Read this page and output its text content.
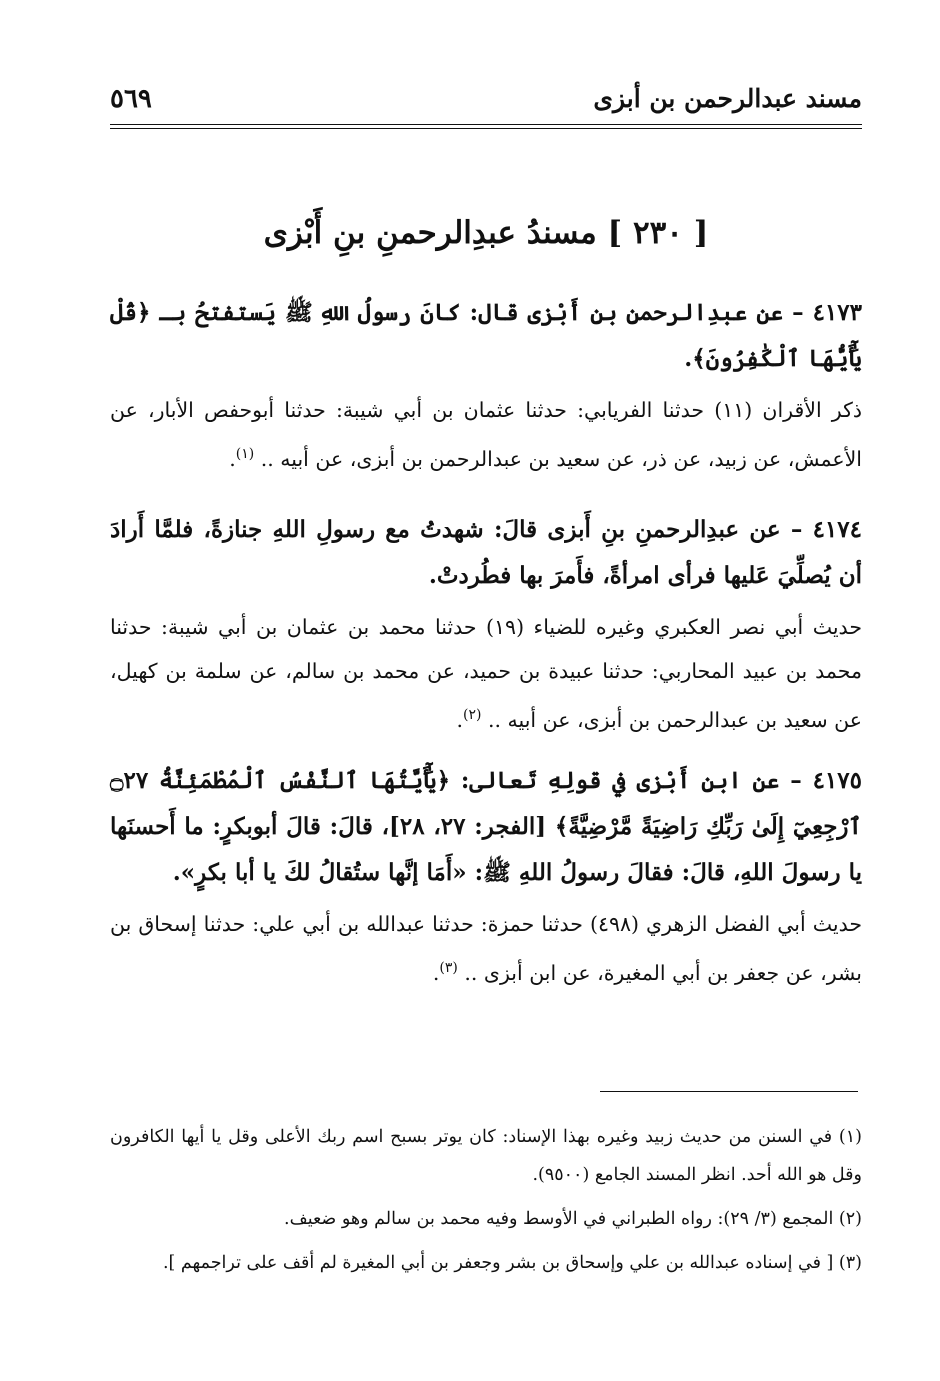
مسند عبدالرحمن بن أبزى
٥٦٩
[ ٢٣٠ ] مسندُ عبدِالرحمنِ بنِ أَبْزى

٤١٧٣ – عن عبدِالرحمنِ بنِ أَبْزى قال: كانَ رسولُ اللهِ ﷺ يَستفتحُ بـ ﴿قُلْ يَٰٓأَيُّهَا ٱلْكَٰفِرُونَ﴾.

ذكر الأقران (١١) حدثنا الفريابي: حدثنا عثمان بن أبي شيبة: حدثنا أبوحفص الأبار، عن الأعمش، عن زبيد، عن ذر، عن سعيد بن عبدالرحمن بن أبزى، عن أبيه .. $^{(١)}$.

٤١٧٤ – عن عبدِالرحمنِ بنِ أَبزى قالَ: شهدتُ مع رسولِ اللهِ جنازةً، فلمَّا أَرادَ أن يُصلِّيَ عَليها فرأى امرأةً، فأَمرَ بها فطُردتْ.

حديث أبي نصر العكبري وغيره للضياء (١٩) حدثنا محمد بن عثمان بن أبي شيبة: حدثنا محمد بن عبيد المحاربي: حدثنا عبيدة بن حميد، عن محمد بن سالم، عن سلمة بن كهيل، عن سعيد بن عبدالرحمن بن أبزى، عن أبيه .. $^{(٢)}$.

٤١٧٥ – عن ابنِ أَبْزى في قولِهِ تَعالى: ﴿يَٰٓأَيَّتُهَا ٱلنَّفْسُ ٱلْمُطْمَئِنَّةُ ۝٢٧ ٱرْجِعِيٓ إِلَىٰ رَبِّكِ رَاضِيَةً مَّرْضِيَّةً﴾ [الفجر: ٢٧، ٢٨]، قالَ: قالَ أبوبكرٍ: ما أَحسنَها يا رسولَ اللهِ، قالَ: فقالَ رسولُ اللهِ ﷺ: «أَمَا إنَّها ستُقالُ لكَ يا أبا بكرٍ».

حديث أبي الفضل الزهري (٤٩٨) حدثنا حمزة: حدثنا عبدالله بن أبي علي: حدثنا إسحاق بن بشر، عن جعفر بن أبي المغيرة، عن ابن أبزى .. $^{(٣)}$.

(١) في السنن من حديث زبيد وغيره بهذا الإسناد: كان يوتر بسبح اسم ربك الأعلى وقل يا أيها الكافرون وقل هو الله أحد. انظر المسند الجامع (٩٥٠٠).

(٢) المجمع (٣/ ٢٩): رواه الطبراني في الأوسط وفيه محمد بن سالم وهو ضعيف.

(٣) [ في إسناده عبدالله بن علي وإسحاق بن بشر وجعفر بن أبي المغيرة لم أقف على تراجمهم ].
